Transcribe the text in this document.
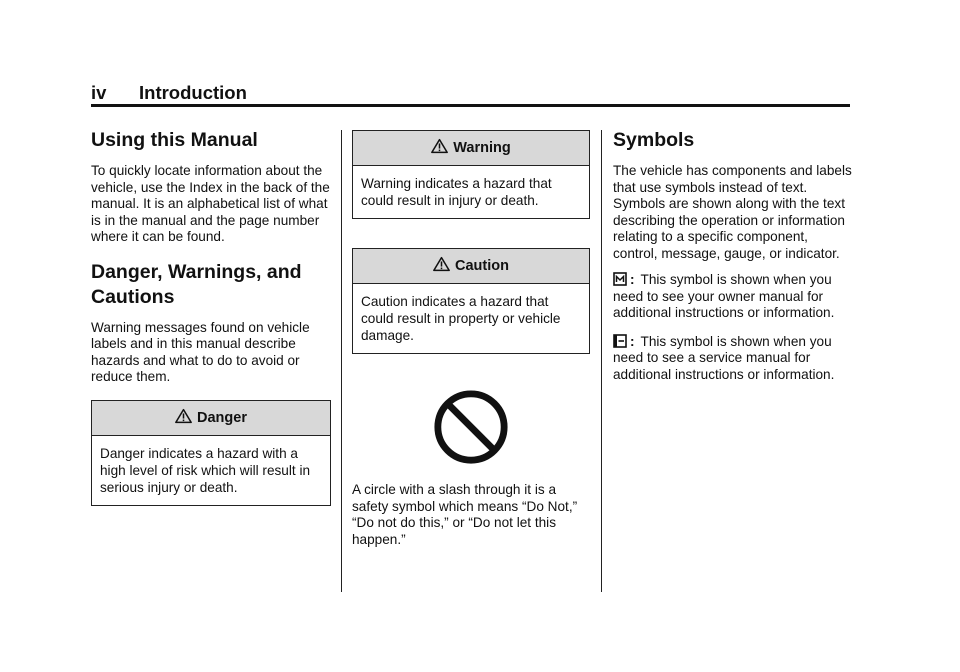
iv Introduction
Using this Manual

To quickly locate information about the vehicle, use the Index in the back of the manual. It is an alphabetical list of what is in the manual and the page number where it can be found.

Danger, Warnings, and
Cautions

Warning messages found on vehicle labels and in this manual describe hazards and what to do to avoid or reduce them.

Danger
Danger indicates a hazard with a high level of risk which will result in serious injury or death.
Warning
Warning indicates a hazard that could result in injury or death.
Caution
Caution indicates a hazard that could result in property or vehicle damage.

A circle with a slash through it is a safety symbol which means “Do Not,” “Do not do this,” or “Do not let this happen.”

Symbols

The vehicle has components and labels that use symbols instead of text. Symbols are shown along with the text describing the operation or information relating to a specific component, control, message, gauge, or indicator.

: This symbol is shown when you need to see your owner manual for additional instructions or information.

: This symbol is shown when you need to see a service manual for additional instructions or information.
